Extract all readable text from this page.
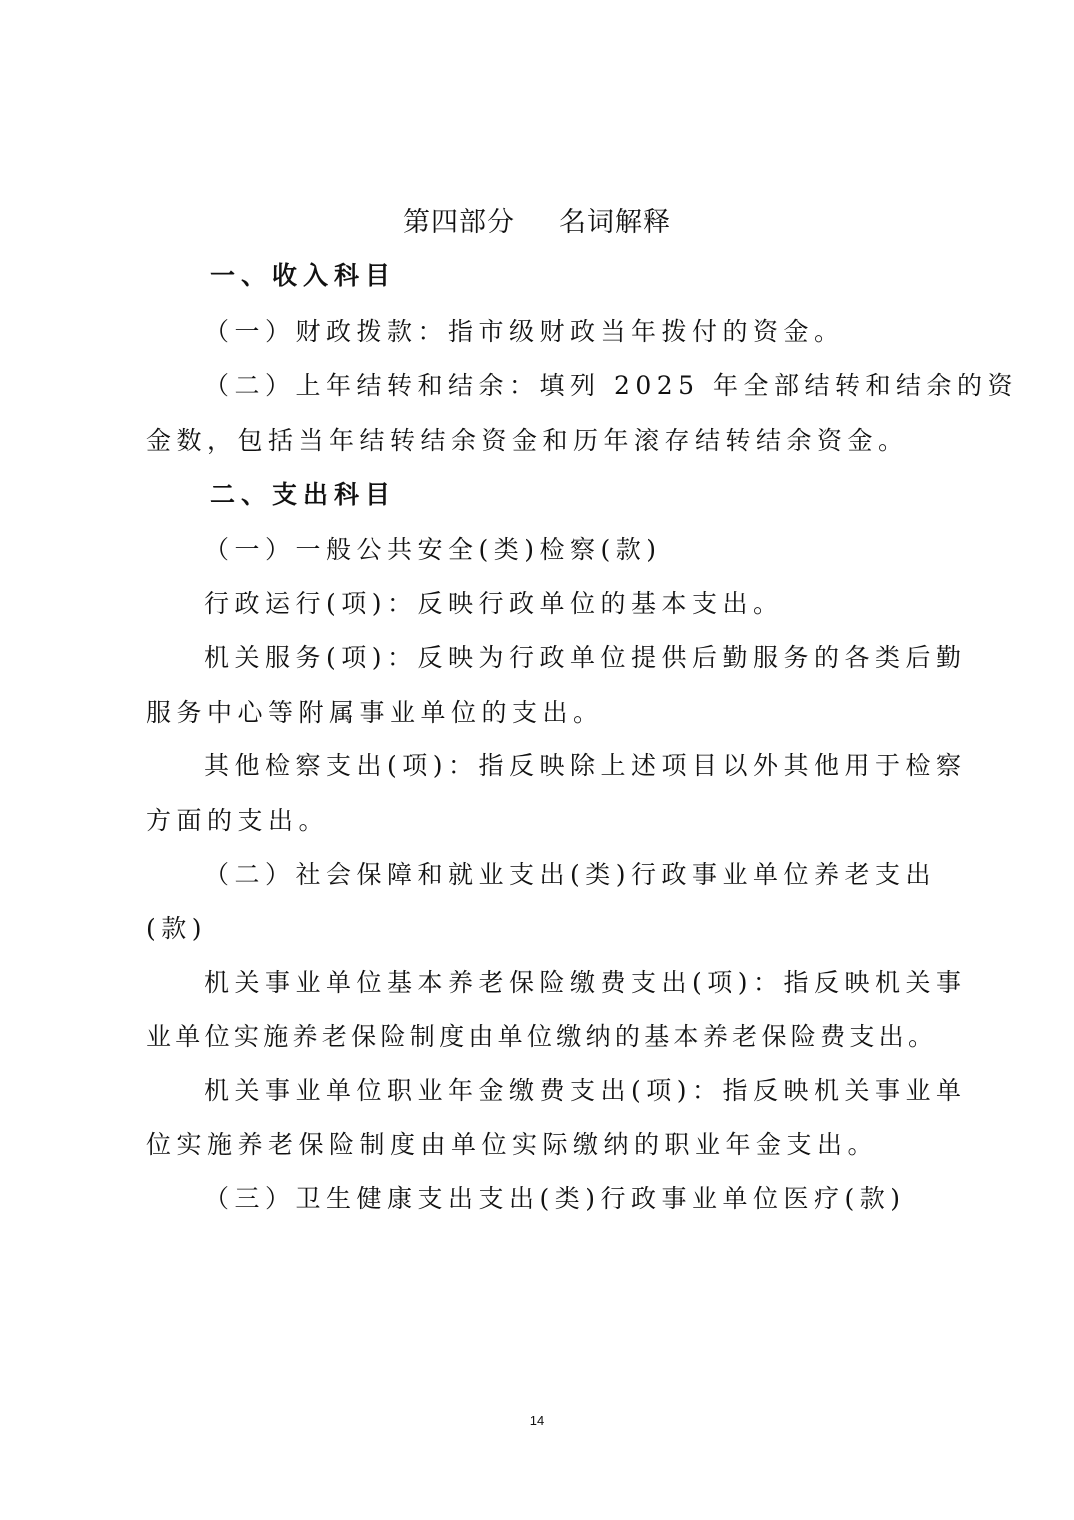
第四部分 名词解释
一、收入科目
（一）财政拨款：指市级财政当年拨付的资金。
（二）上年结转和结余：填列 2025 年全部结转和结余的资
金数，包括当年结转结余资金和历年滚存结转结余资金。
二、支出科目
（一）一般公共安全(类)检察(款)
行政运行(项)：反映行政单位的基本支出。
机关服务(项)：反映为行政单位提供后勤服务的各类后勤
服务中心等附属事业单位的支出。
其他检察支出(项)：指反映除上述项目以外其他用于检察
方面的支出。
（二）社会保障和就业支出(类)行政事业单位养老支出
(款)
机关事业单位基本养老保险缴费支出(项)：指反映机关事
业单位实施养老保险制度由单位缴纳的基本养老保险费支出。
机关事业单位职业年金缴费支出(项)：指反映机关事业单
位实施养老保险制度由单位实际缴纳的职业年金支出。
（三）卫生健康支出支出(类)行政事业单位医疗(款)
14
